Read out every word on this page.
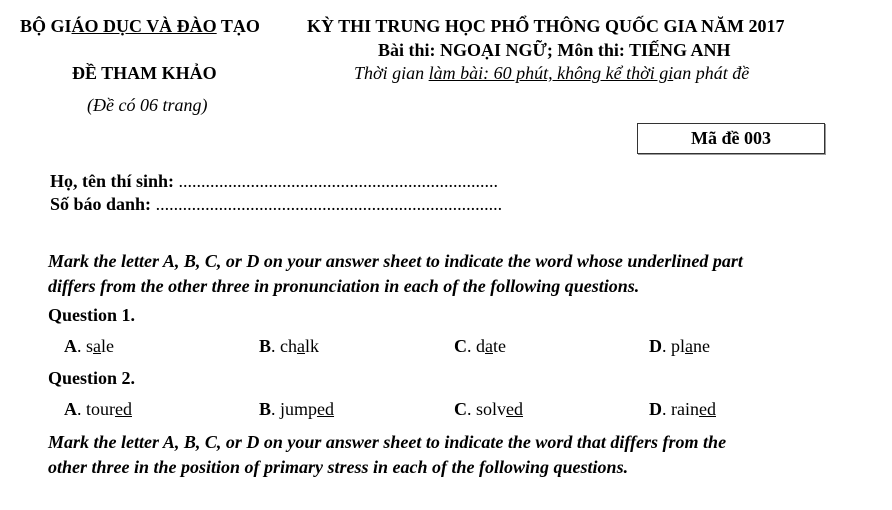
BỘ GIÁO DỤC VÀ ĐÀO TẠO
ĐỀ THAM KHẢO
(Đề có 06 trang)
KỲ THI TRUNG HỌC PHỔ THÔNG QUỐC GIA NĂM 2017
Bài thi: NGOẠI NGỮ; Môn thi: TIẾNG ANH
Thời gian làm bài: 60 phút, không kể thời gian phát đề
Mã đề 003
Họ, tên thí sinh: .......................................................................
Số báo danh: .............................................................................
Mark the letter A, B, C, or D on your answer sheet to indicate the word whose underlined part
differs from the other three in pronunciation in each of the following questions.
Question 1.
A. sale	B. chalk	C. date	D. plane
Question 2.
A. toured	B. jumped	C. solved	D. rained
Mark the letter A, B, C, or D on your answer sheet to indicate the word that differs from the
other three in the position of primary stress in each of the following questions.
